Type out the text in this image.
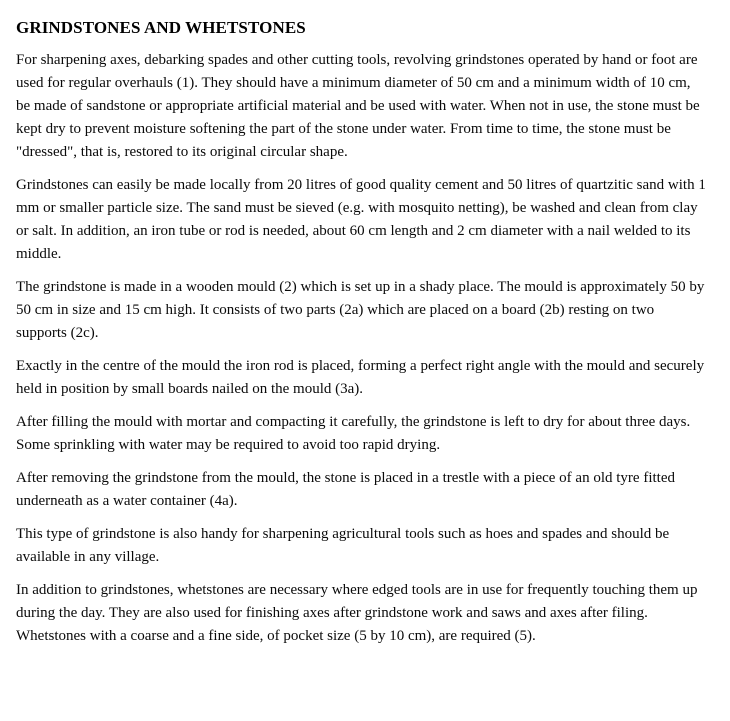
GRINDSTONES AND WHETSTONES

For sharpening axes, debarking spades and other cutting tools, revolving grindstones operated by hand or foot are used for regular overhauls (1). They should have a minimum diameter of 50 cm and a minimum width of 10 cm, be made of sandstone or appropriate artificial material and be used with water. When not in use, the stone must be kept dry to prevent moisture softening the part of the stone under water. From time to time, the stone must be "dressed", that is, restored to its original circular shape.

Grindstones can easily be made locally from 20 litres of good quality cement and 50 litres of quartzitic sand with 1 mm or smaller particle size. The sand must be sieved (e.g. with mosquito netting), be washed and clean from clay or salt. In addition, an iron tube or rod is needed, about 60 cm length and 2 cm diameter with a nail welded to its middle.

The grindstone is made in a wooden mould (2) which is set up in a shady place. The mould is approximately 50 by 50 cm in size and 15 cm high. It consists of two parts (2a) which are placed on a board (2b) resting on two supports (2c).

Exactly in the centre of the mould the iron rod is placed, forming a perfect right angle with the mould and securely held in position by small boards nailed on the mould (3a).

After filling the mould with mortar and compacting it carefully, the grindstone is left to dry for about three days. Some sprinkling with water may be required to avoid too rapid drying.

After removing the grindstone from the mould, the stone is placed in a trestle with a piece of an old tyre fitted underneath as a water container (4a).

This type of grindstone is also handy for sharpening agricultural tools such as hoes and spades and should be available in any village.

In addition to grindstones, whetstones are necessary where edged tools are in use for frequently touching them up during the day. They are also used for finishing axes after grindstone work and saws and axes after filing. Whetstones with a coarse and a fine side, of pocket size (5 by 10 cm), are required (5).
